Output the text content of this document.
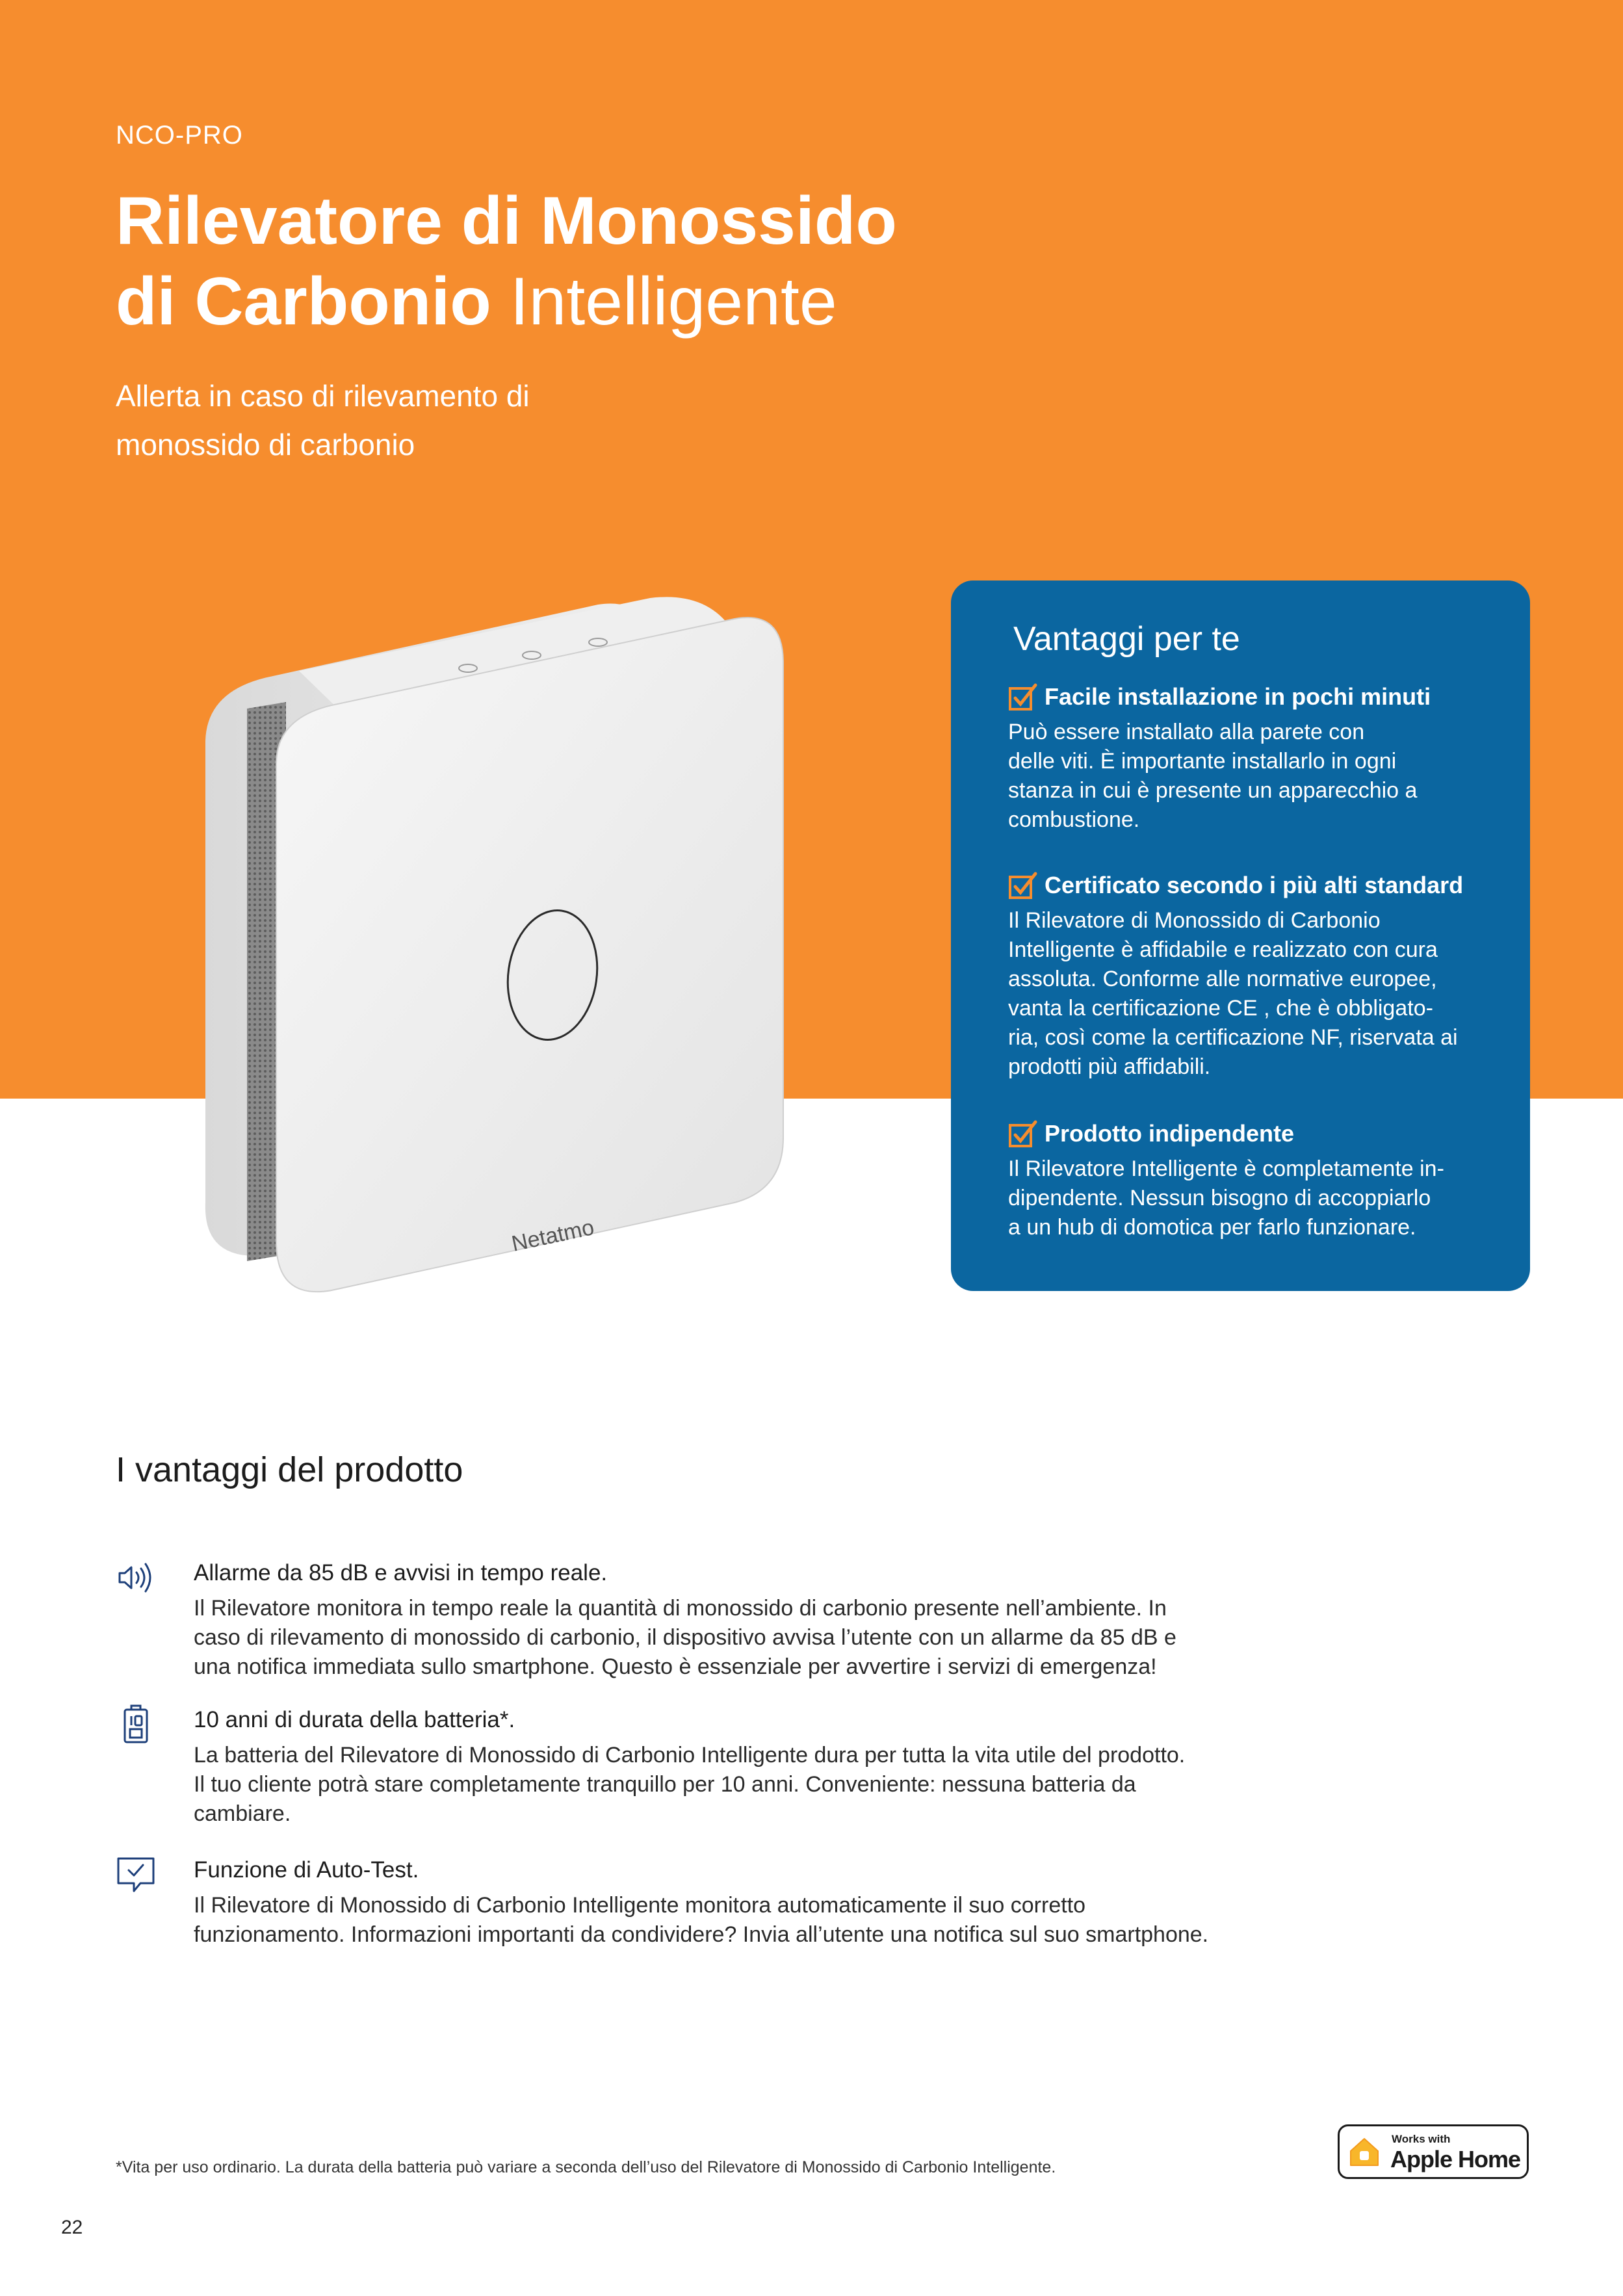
NCO-PRO
Rilevatore di Monossido
di Carbonio Intelligente

Allerta in caso di rilevamento di
monossido di carbonio

Netatmo
Vantaggi per te
Facile installazione in pochi minuti
Può essere installato alla parete con
delle viti. È importante installarlo in ogni
stanza in cui è presente un apparecchio a
combustione.
Certificato secondo i più alti standard
Il Rilevatore di Monossido di Carbonio
Intelligente è affidabile e realizzato con cura
assoluta. Conforme alle normative europee,
vanta la certificazione CE , che è obbligato-
ria, così come la certificazione NF, riservata ai
prodotti più affidabili.
Prodotto indipendente
Il Rilevatore Intelligente è completamente in-
dipendente. Nessun bisogno di accoppiarlo
a un hub di domotica per farlo funzionare.
I vantaggi del prodotto
Allarme da 85 dB e avvisi in tempo reale.
Il Rilevatore monitora in tempo reale la quantità di monossido di carbonio presente nell’ambiente. In
caso di rilevamento di monossido di carbonio, il dispositivo avvisa l’utente con un allarme da 85 dB e
una notifica immediata sullo smartphone. Questo è essenziale per avvertire i servizi di emergenza!
10 anni di durata della batteria*.
La batteria del Rilevatore di Monossido di Carbonio Intelligente dura per tutta la vita utile del prodotto.
Il tuo cliente potrà stare completamente tranquillo per 10 anni. Conveniente: nessuna batteria da
cambiare.
Funzione di Auto-Test.
Il Rilevatore di Monossido di Carbonio Intelligente monitora automaticamente il suo corretto
funzionamento. Informazioni importanti da condividere? Invia all’utente una notifica sul suo smartphone.
*Vita per uso ordinario. La durata della batteria può variare a seconda dell’uso del Rilevatore di Monossido di Carbonio Intelligente.
22
Works with
Apple Home
